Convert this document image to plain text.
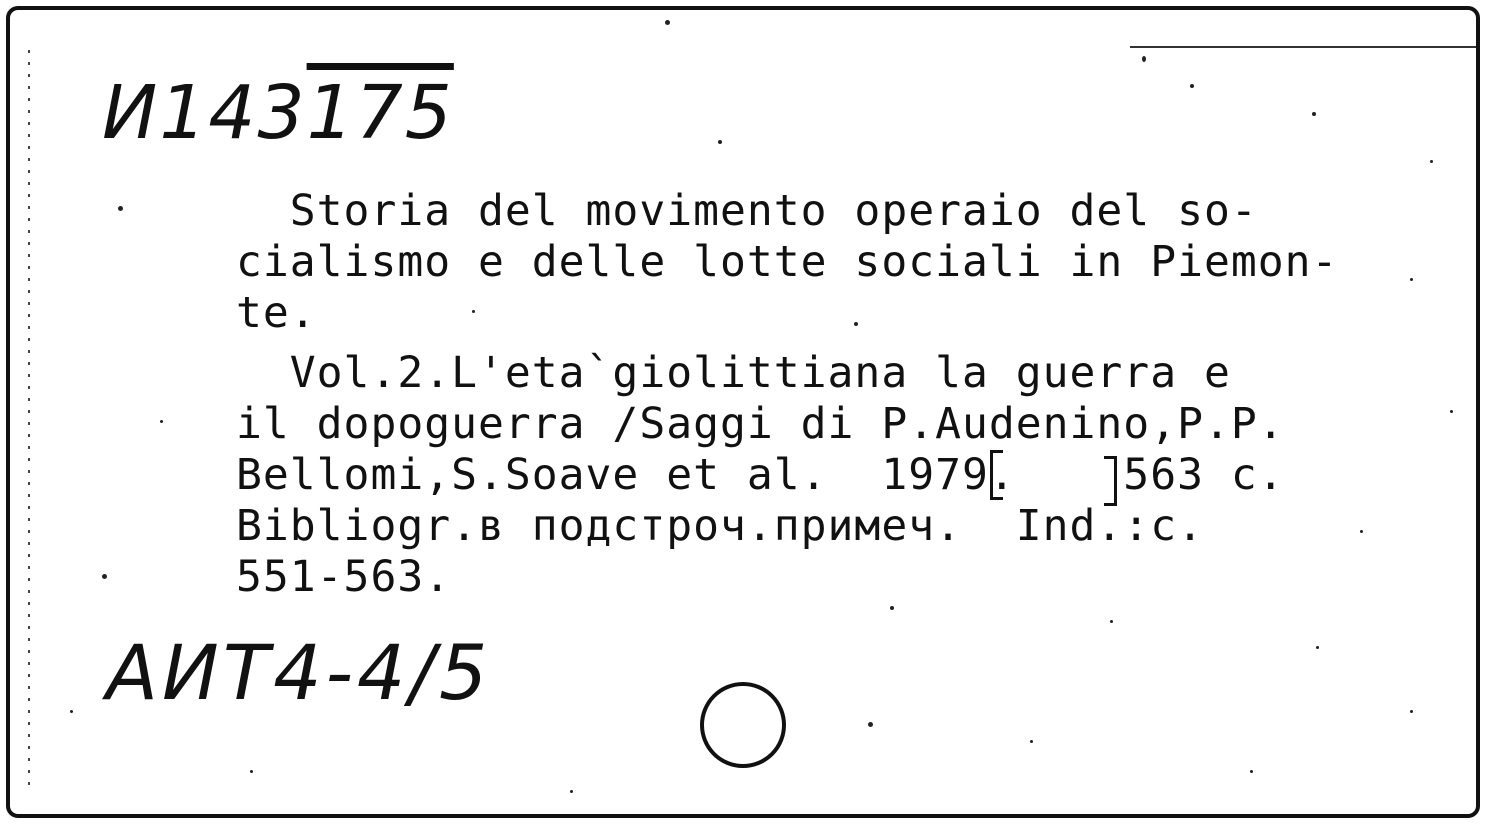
И143175
Storia del movimento operaio del so-
cialismo e delle lotte sociali in Piemon-
te.
Vol.2.L'eta`giolittiana la guerra e
il dopoguerra /Saggi di P.Audenino,P.P.
Bellomi,S.Soave et al.  1979.    563 c.
Bibliogr.в подстроч.примеч.  Ind.:c.
551-563.
АИТ4-4/5
